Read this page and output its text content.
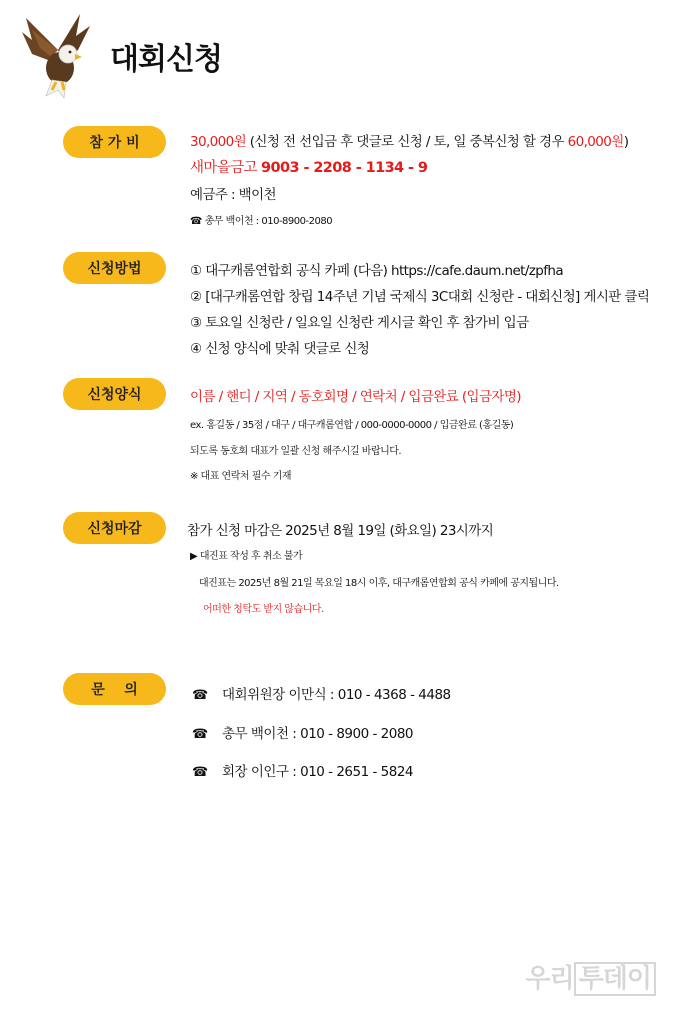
대회신청
참 가 비	30,000원 (신청 전 선입금 후 댓글로 신청 / 토, 일 중복신청 할 경우 60,000원)
새마을금고 9003 - 2208 - 1134 - 9
예금주 : 백이천
☎ 총무 백이천 : 010-8900-2080
신청방법	① 대구캐롬연합회 공식 카페 (다음) https://cafe.daum.net/zpfha
② [대구캐롬연합 창립 14주년 기념 국제식 3C대회 신청란 - 대회신청] 게시판 클릭
③ 토요일 신청란 / 일요일 신청란 게시글 확인 후 참가비 입금
④ 신청 양식에 맞춰 댓글로 신청
신청양식	이름 / 핸디 / 지역 / 동호회명 / 연락처 / 입금완료 (입금자명)
ex. 홍길동 / 35점 / 대구 / 대구캐롬연합 / 000-0000-0000 / 입금완료 (홍길동)
되도록 동호회 대표가 일괄 신청 해주시길 바랍니다.
※ 대표 연락처 필수 기재
신청마감	참가 신청 마감은 2025년 8월 19일 (화요일) 23시까지
▶ 대진표 작성 후 취소 불가
대진표는 2025년 8월 21일 목요일 18시 이후, 대구캐롬연합회 공식 카페에 공지됩니다.
어떠한 청탁도 받지 않습니다.
문    의	☎ 대회위원장 이만식 : 010 - 4368 - 4488
☎ 총무 백이천 : 010 - 8900 - 2080
☎ 회장 이인구 : 010 - 2651 - 5824
우리 투데이
